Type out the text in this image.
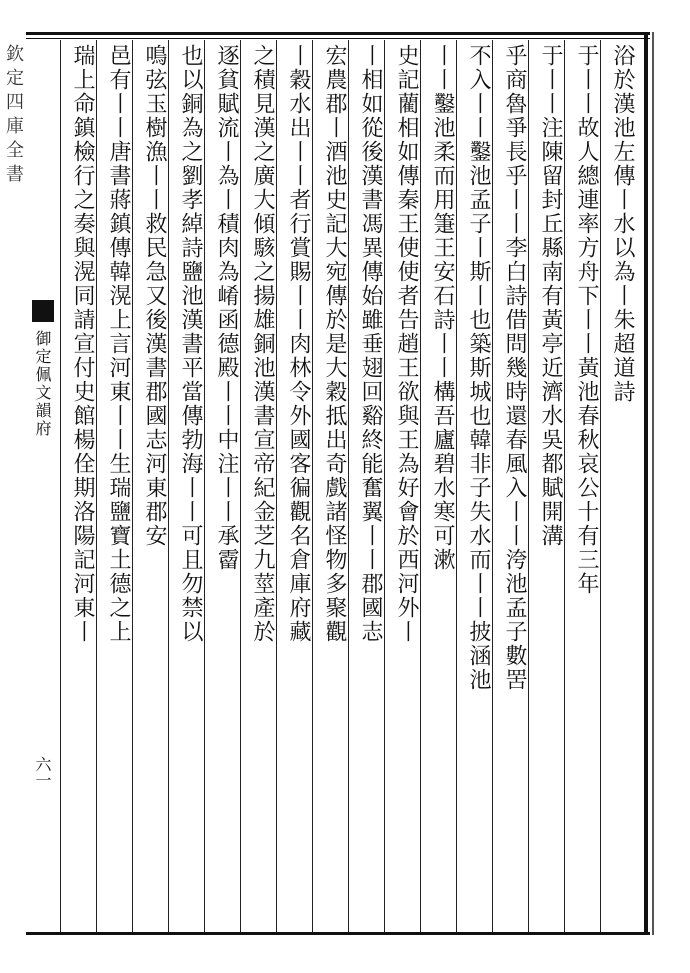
欽定四庫全書
御定佩文韻府
六一
浴於漢池左傳丨水以為丨朱超道詩
于丨丨故人總連率方舟下丨丨黃池春秋哀公十有三年
于丨丨注陳留封丘縣南有黃亭近濟水吳都賦開溝
乎商魯爭長乎丨丨李白詩借問幾時還春風入丨丨洿池孟子數罟
不入丨丨鑿池孟子丨斯丨也築斯城也韓非子失水而丨丨披涵池
丨丨鑿池柔而用箑王安石詩丨丨構吾廬碧水寒可漱
史記藺相如傳秦王使使者告趙王欲與王為好會於西河外丨
丨相如從後漢書馮異傳始雖垂翅回谿終能奮翼丨丨郡國志
宏農郡丨酒池史記大宛傳於是大穀抵出奇戲諸怪物多聚觀
丨穀水出丨丨者行賞賜丨丨肉林令外國客徧觀名倉庫府藏
之積見漢之廣大傾駭之揚雄銅池漢書宣帝紀金芝九莖產於
逐貧賦流丨為丨積肉為崤函德殿丨丨中注丨丨承霤
也以銅為之劉孝綽詩鹽池漢書平當傳勃海丨丨可且勿禁以
鳴弦玉樹漁丨丨救民急又後漢書郡國志河東郡安
邑有丨丨唐書蔣鎮傳韓滉上言河東丨丨生瑞鹽寶土德之上
瑞上命鎮檢行之奏與滉同請宣付史館楊佺期洛陽記河東丨
